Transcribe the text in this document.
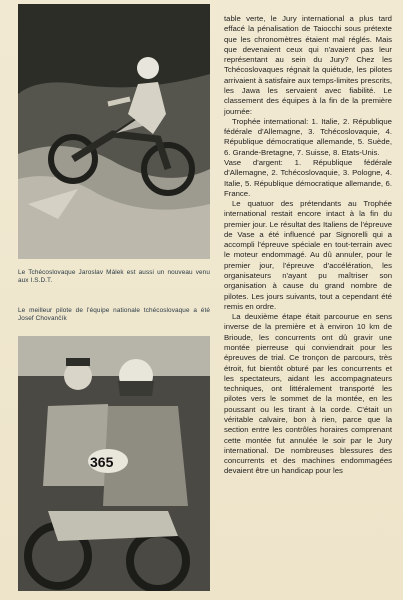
Le Tchécoslovaque Jaroslav Málek est aussi un nouveau venu aux I.S.D.T.
Le meilleur pilote de l'équipe nationale tchécoslovaque a été Josef Chovančík
365

table verte, le Jury international a plus tard effacé la pénalisation de Taiocchi sous prétexte que les chronomètres étaient mal réglés. Mais que devenaient ceux qui n'avaient pas leur représentant au sein du Jury? Chez les Tchécoslovaques régnait la quiétude, les pilotes arrivaient à satisfaire aux temps-limites prescrits, les Jawa les servaient avec fiabilité. Le classement des équipes à la fin de la première journée:

Trophée international: 1. Italie, 2. République fédérale d'Allemagne, 3. Tchécoslovaquie, 4. République démocratique allemande, 5. Suède, 6. Grande-Bretagne, 7. Suisse, 8. Etats-Unis.

Vase d'argent: 1. République fédérale d'Allemagne, 2. Tchécoslovaquie, 3. Pologne, 4. Italie, 5. République démocratique allemande, 6. France.

Le quatuor des prétendants au Trophée international restait encore intact à la fin du premier jour. Le résultat des Italiens de l'épreuve de Vase a été influencé par Signorelli qui a accompli l'épreuve spéciale en tout-terrain avec le moteur endommagé. Au dû annuler, pour le premier jour, l'épreuve d'accélération, les organisateurs n'ayant pu maîtriser son organisation à cause du grand nombre de pilotes. Les jours suivants, tout a cependant été remis en ordre.

La deuxième étape était parcourue en sens inverse de la première et à environ 10 km de Brioude, les concurrents ont dû gravir une montée pierreuse qui conviendrait pour les épreuves de trial. Ce tronçon de parcours, très étroit, fut bientôt obturé par les concurrents et les spectateurs, aidant les accompagnateurs techniques, ont littéralement transporté les pilotes vers le sommet de la montée, en les poussant ou les tirant à la corde. C'était un véritable calvaire, bon à rien, parce que la section entre les contrôles horaires comprenant cette montée fut annulée le soir par le Jury international. De nombreuses blessures des concurrents et des machines endommagées devaient être un handicap pour les
